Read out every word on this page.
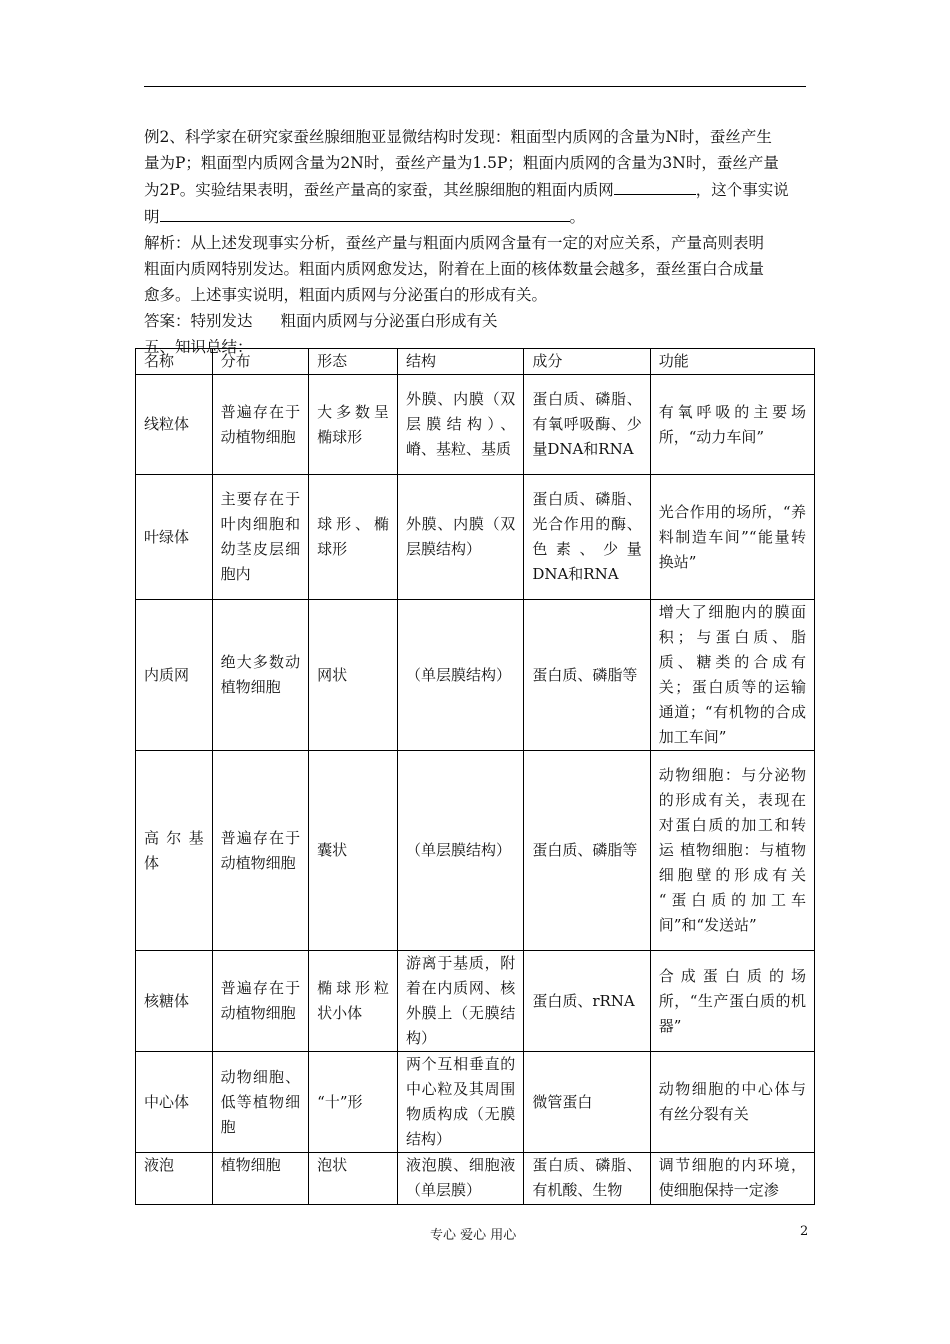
例2、科学家在研究家蚕丝腺细胞亚显微结构时发现：粗面型内质网的含量为N时，蚕丝产生

量为P；粗面型内质网含量为2N时，蚕丝产量为1.5P；粗面内质网的含量为3N时，蚕丝产量

为2P。实验结果表明，蚕丝产量高的家蚕，其丝腺细胞的粗面内质网	，这个事实说

明	。

解析：从上述发现事实分析，蚕丝产量与粗面内质网含量有一定的对应关系，产量高则表明

粗面内质网特别发达。粗面内质网愈发达，附着在上面的核体数量会越多，蚕丝蛋白合成量

愈多。上述事实说明，粗面内质网与分泌蛋白的形成有关。

答案：特别发达 粗面内质网与分泌蛋白形成有关

五、知识总结：

名称	分布	形态	结构	成分	功能
线粒体	普遍存在于动植物细胞	大多数呈椭球形	外膜、内膜（双层膜结构）、嵴、基粒、基质	蛋白质、磷脂、有氧呼吸酶、少量DNA和RNA	有氧呼吸的主要场所，“动力车间”
叶绿体	主要存在于叶肉细胞和幼茎皮层细胞内	球形、椭球形	外膜、内膜（双层膜结构）	蛋白质、磷脂、光合作用的酶、色素、少量DNA和RNA	光合作用的场所，“养料制造车间”“能量转换站”
内质网	绝大多数动植物细胞	网状	（单层膜结构）	蛋白质、磷脂等	增大了细胞内的膜面积；与蛋白质、脂质、糖类的合成有关；蛋白质等的运输通道；“有机物的合成加工车间”
高尔基体	普遍存在于动植物细胞	囊状	（单层膜结构）	蛋白质、磷脂等	动物细胞：与分泌物的形成有关，表现在对蛋白质的加工和转运 植物细胞：与植物细胞壁的形成有关 “蛋白质的加工车间”和“发送站”
核糖体	普遍存在于动植物细胞	椭球形粒状小体	游离于基质，附着在内质网、核外膜上（无膜结构）	蛋白质、rRNA	合成蛋白质的场所，“生产蛋白质的机器”
中心体	动物细胞、低等植物细胞	“十”形	两个互相垂直的中心粒及其周围物质构成（无膜结构）	微管蛋白	动物细胞的中心体与有丝分裂有关
液泡	植物细胞	泡状	液泡膜、细胞液（单层膜）	蛋白质、磷脂、有机酸、生物	调节细胞的内环境，使细胞保持一定渗
专心 爱心 用心	2
